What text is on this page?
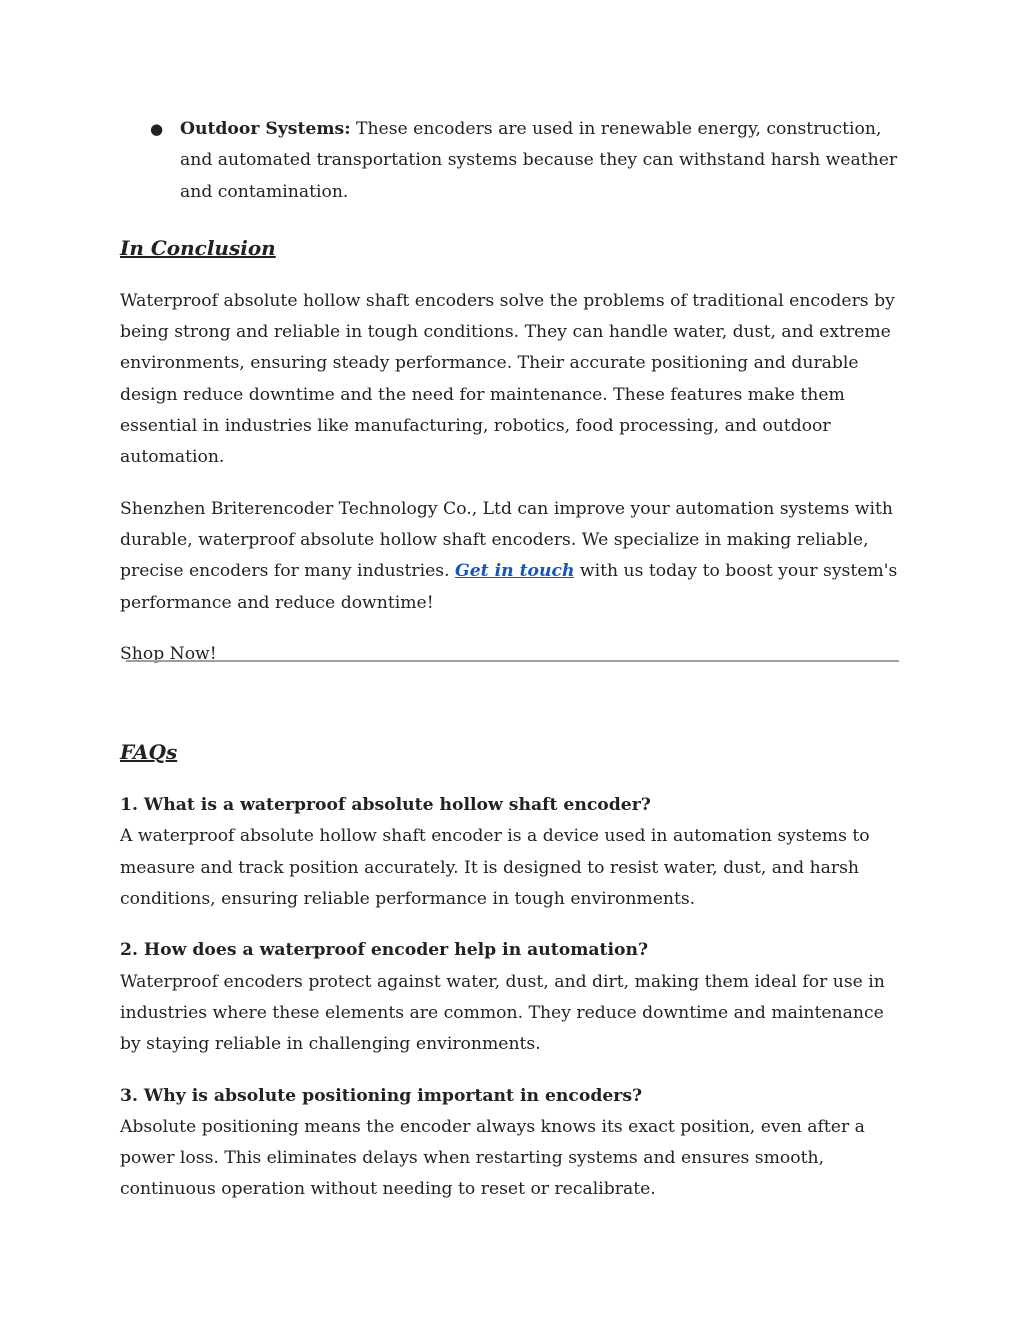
● Outdoor Systems: These encoders are used in renewable energy, construction, and automated transportation systems because they can withstand harsh weather and contamination.
In Conclusion

Waterproof absolute hollow shaft encoders solve the problems of traditional encoders by being strong and reliable in tough conditions. They can handle water, dust, and extreme environments, ensuring steady performance. Their accurate positioning and durable design reduce downtime and the need for maintenance. These features make them essential in industries like manufacturing, robotics, food processing, and outdoor automation.

Shenzhen Briterencoder Technology Co., Ltd can improve your automation systems with durable, waterproof absolute hollow shaft encoders. We specialize in making reliable, precise encoders for many industries. Get in touch with us today to boost your system's performance and reduce downtime!

Shop Now!

FAQs

1. What is a waterproof absolute hollow shaft encoder?

A waterproof absolute hollow shaft encoder is a device used in automation systems to measure and track position accurately. It is designed to resist water, dust, and harsh conditions, ensuring reliable performance in tough environments.

2. How does a waterproof encoder help in automation?

Waterproof encoders protect against water, dust, and dirt, making them ideal for use in industries where these elements are common. They reduce downtime and maintenance by staying reliable in challenging environments.

3. Why is absolute positioning important in encoders?

Absolute positioning means the encoder always knows its exact position, even after a power loss. This eliminates delays when restarting systems and ensures smooth, continuous operation without needing to reset or recalibrate.
